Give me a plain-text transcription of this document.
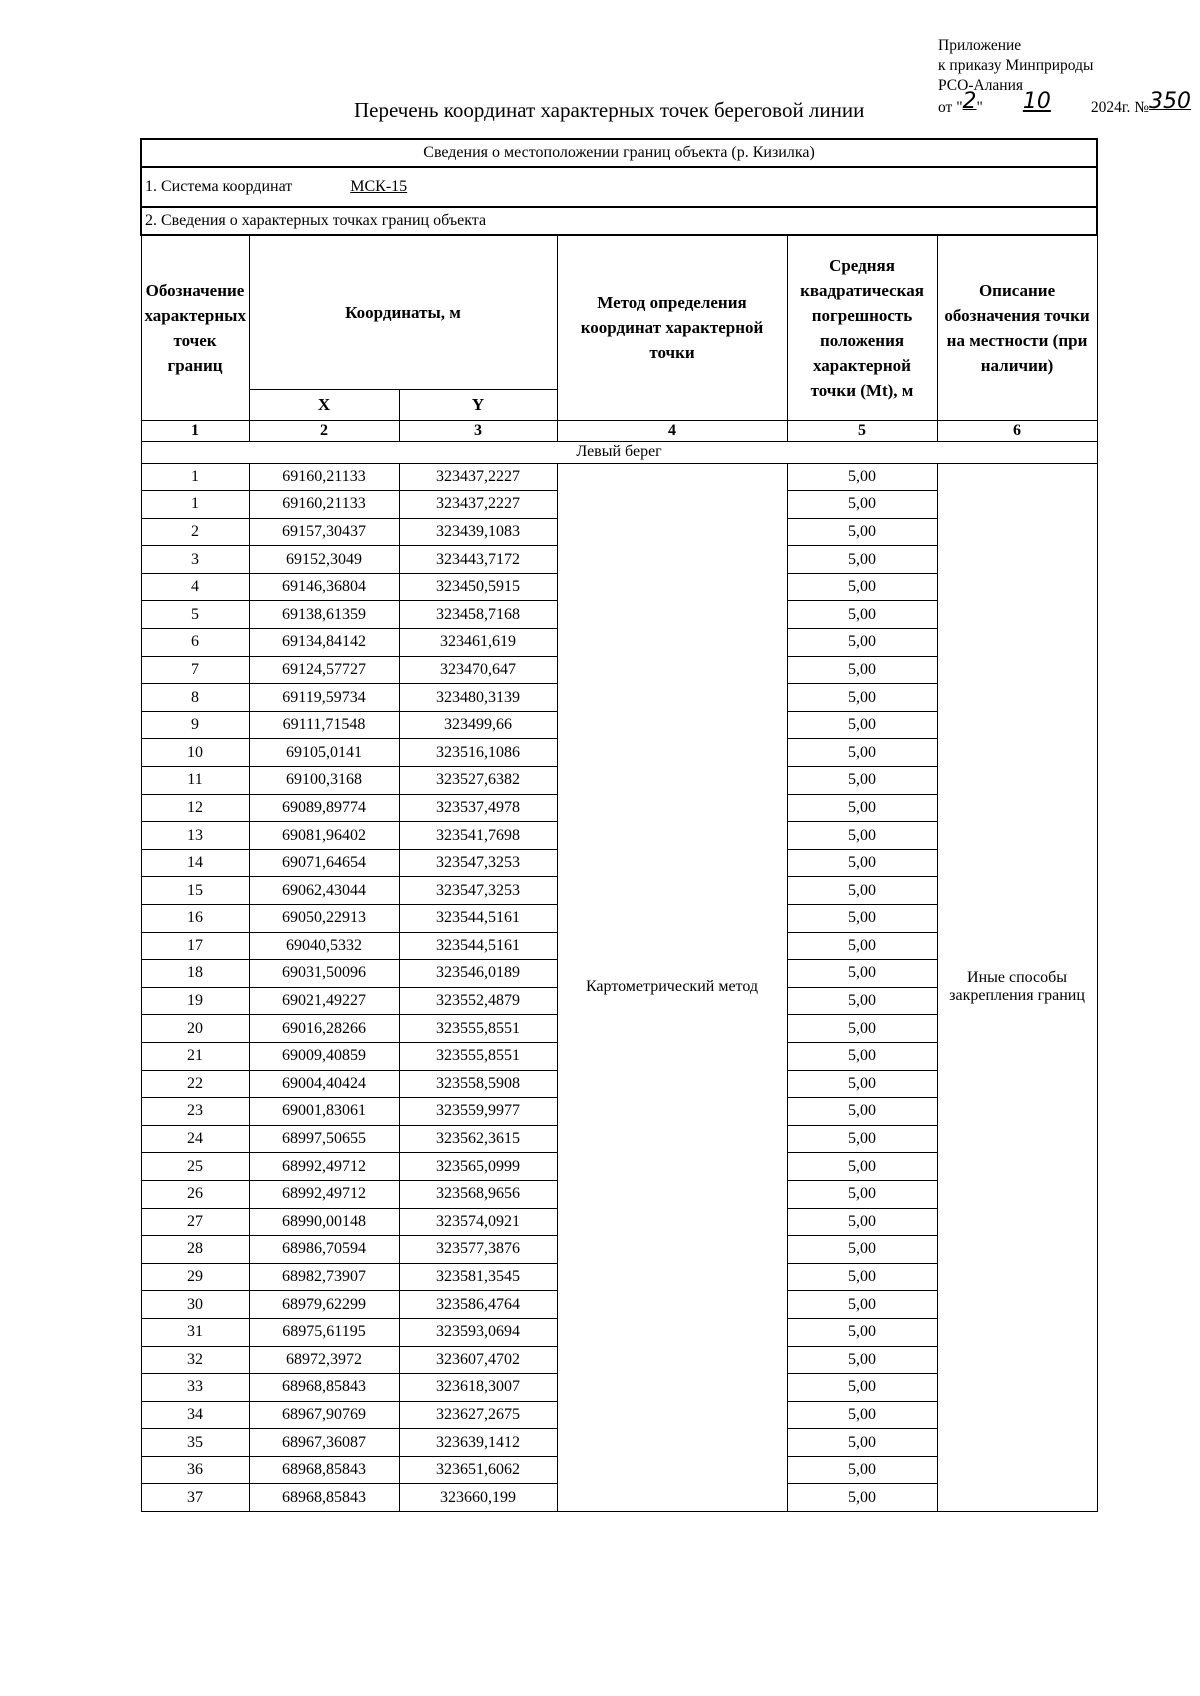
Приложение
к приказу Минприроды
РСО-Алания
от "2" 10	2024г. №350
Перечень координат характерных точек береговой линии
Сведения о местоположении границ объекта (р. Кизилка)					
1. Система координат МСК-15					
2. Сведения о характерных точках границ объекта					
Обозначение характерных точек границ	Координаты, м		Метод определения координат характерной точки	Средняя квадратическая погрешность положения характерной точки (Mt), м	Описание обозначения точки на местности (при наличии)
	X	Y			
1	2	3	4	5	6
Левый берег					
1	69160,21133	323437,2227	Картометрический метод	5,00	Иные способы закрепления границ
1	69160,21133	323437,2227		5,00	
2	69157,30437	323439,1083		5,00	
3	69152,3049	323443,7172		5,00	
4	69146,36804	323450,5915		5,00	
5	69138,61359	323458,7168		5,00	
6	69134,84142	323461,619		5,00	
7	69124,57727	323470,647		5,00	
8	69119,59734	323480,3139		5,00	
9	69111,71548	323499,66		5,00	
10	69105,0141	323516,1086		5,00	
11	69100,3168	323527,6382		5,00	
12	69089,89774	323537,4978		5,00	
13	69081,96402	323541,7698		5,00	
14	69071,64654	323547,3253		5,00	
15	69062,43044	323547,3253		5,00	
16	69050,22913	323544,5161		5,00	
17	69040,5332	323544,5161		5,00	
18	69031,50096	323546,0189		5,00	
19	69021,49227	323552,4879		5,00	
20	69016,28266	323555,8551		5,00	
21	69009,40859	323555,8551		5,00	
22	69004,40424	323558,5908		5,00	
23	69001,83061	323559,9977		5,00	
24	68997,50655	323562,3615		5,00	
25	68992,49712	323565,0999		5,00	
26	68992,49712	323568,9656		5,00	
27	68990,00148	323574,0921		5,00	
28	68986,70594	323577,3876		5,00	
29	68982,73907	323581,3545		5,00	
30	68979,62299	323586,4764		5,00	
31	68975,61195	323593,0694		5,00	
32	68972,3972	323607,4702		5,00	
33	68968,85843	323618,3007		5,00	
34	68967,90769	323627,2675		5,00	
35	68967,36087	323639,1412		5,00	
36	68968,85843	323651,6062		5,00	
37	68968,85843	323660,199		5,00	
